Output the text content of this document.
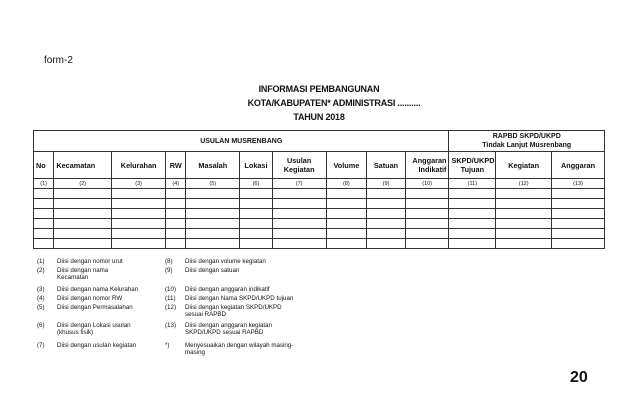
form-2
INFORMASI PEMBANGUNAN
KOTA/KABUPATEN* ADMINISTRASI ..........
TAHUN 2018
USULAN MUSRENBANG										RAPBD SKPD/UKPD
Tindak Lanjut Musrenbang		

No	Kecamatan	Kelurahan	RW	Masalah	Lokasi	Usulan Kegiatan	Volume	Satuan	Anggaran Indikatif	SKPD/UKPD Tujuan	Kegiatan	Anggaran
(1)	(2)	(3)	(4)	(5)	(6)	(7)	(8)	(9)	(10)	(11)	(12)	(13)

(1)	Diisi dengan nomor urut
(2)	Diisi dengan nama Kecamatan
(3)	Diisi dengan nama Kelurahan
(4)	Diisi dengan nomor RW
(5)	Diisi dengan Permasalahan
(6)	Diisi dengan Lokasi usulan (khusus fisik)
(7)	Diisi dengan usulan kegiatan
(8)	Diisi dengan volume kegiatan
(9)	Diisi dengan satuan
(10)	Diisi dengan anggaran indikatif
(11)	Diisi dengan Nama SKPD/UKPD tujuan
(12)	Diisi dengan kegiatan SKPD/UKPD sesuai RAPBD
(13)	Diisi dengan anggaran kegiatan SKPD/UKPD sesuai RAPBD
*)	Menyesuaikan dengan wilayah masing-masing
20
